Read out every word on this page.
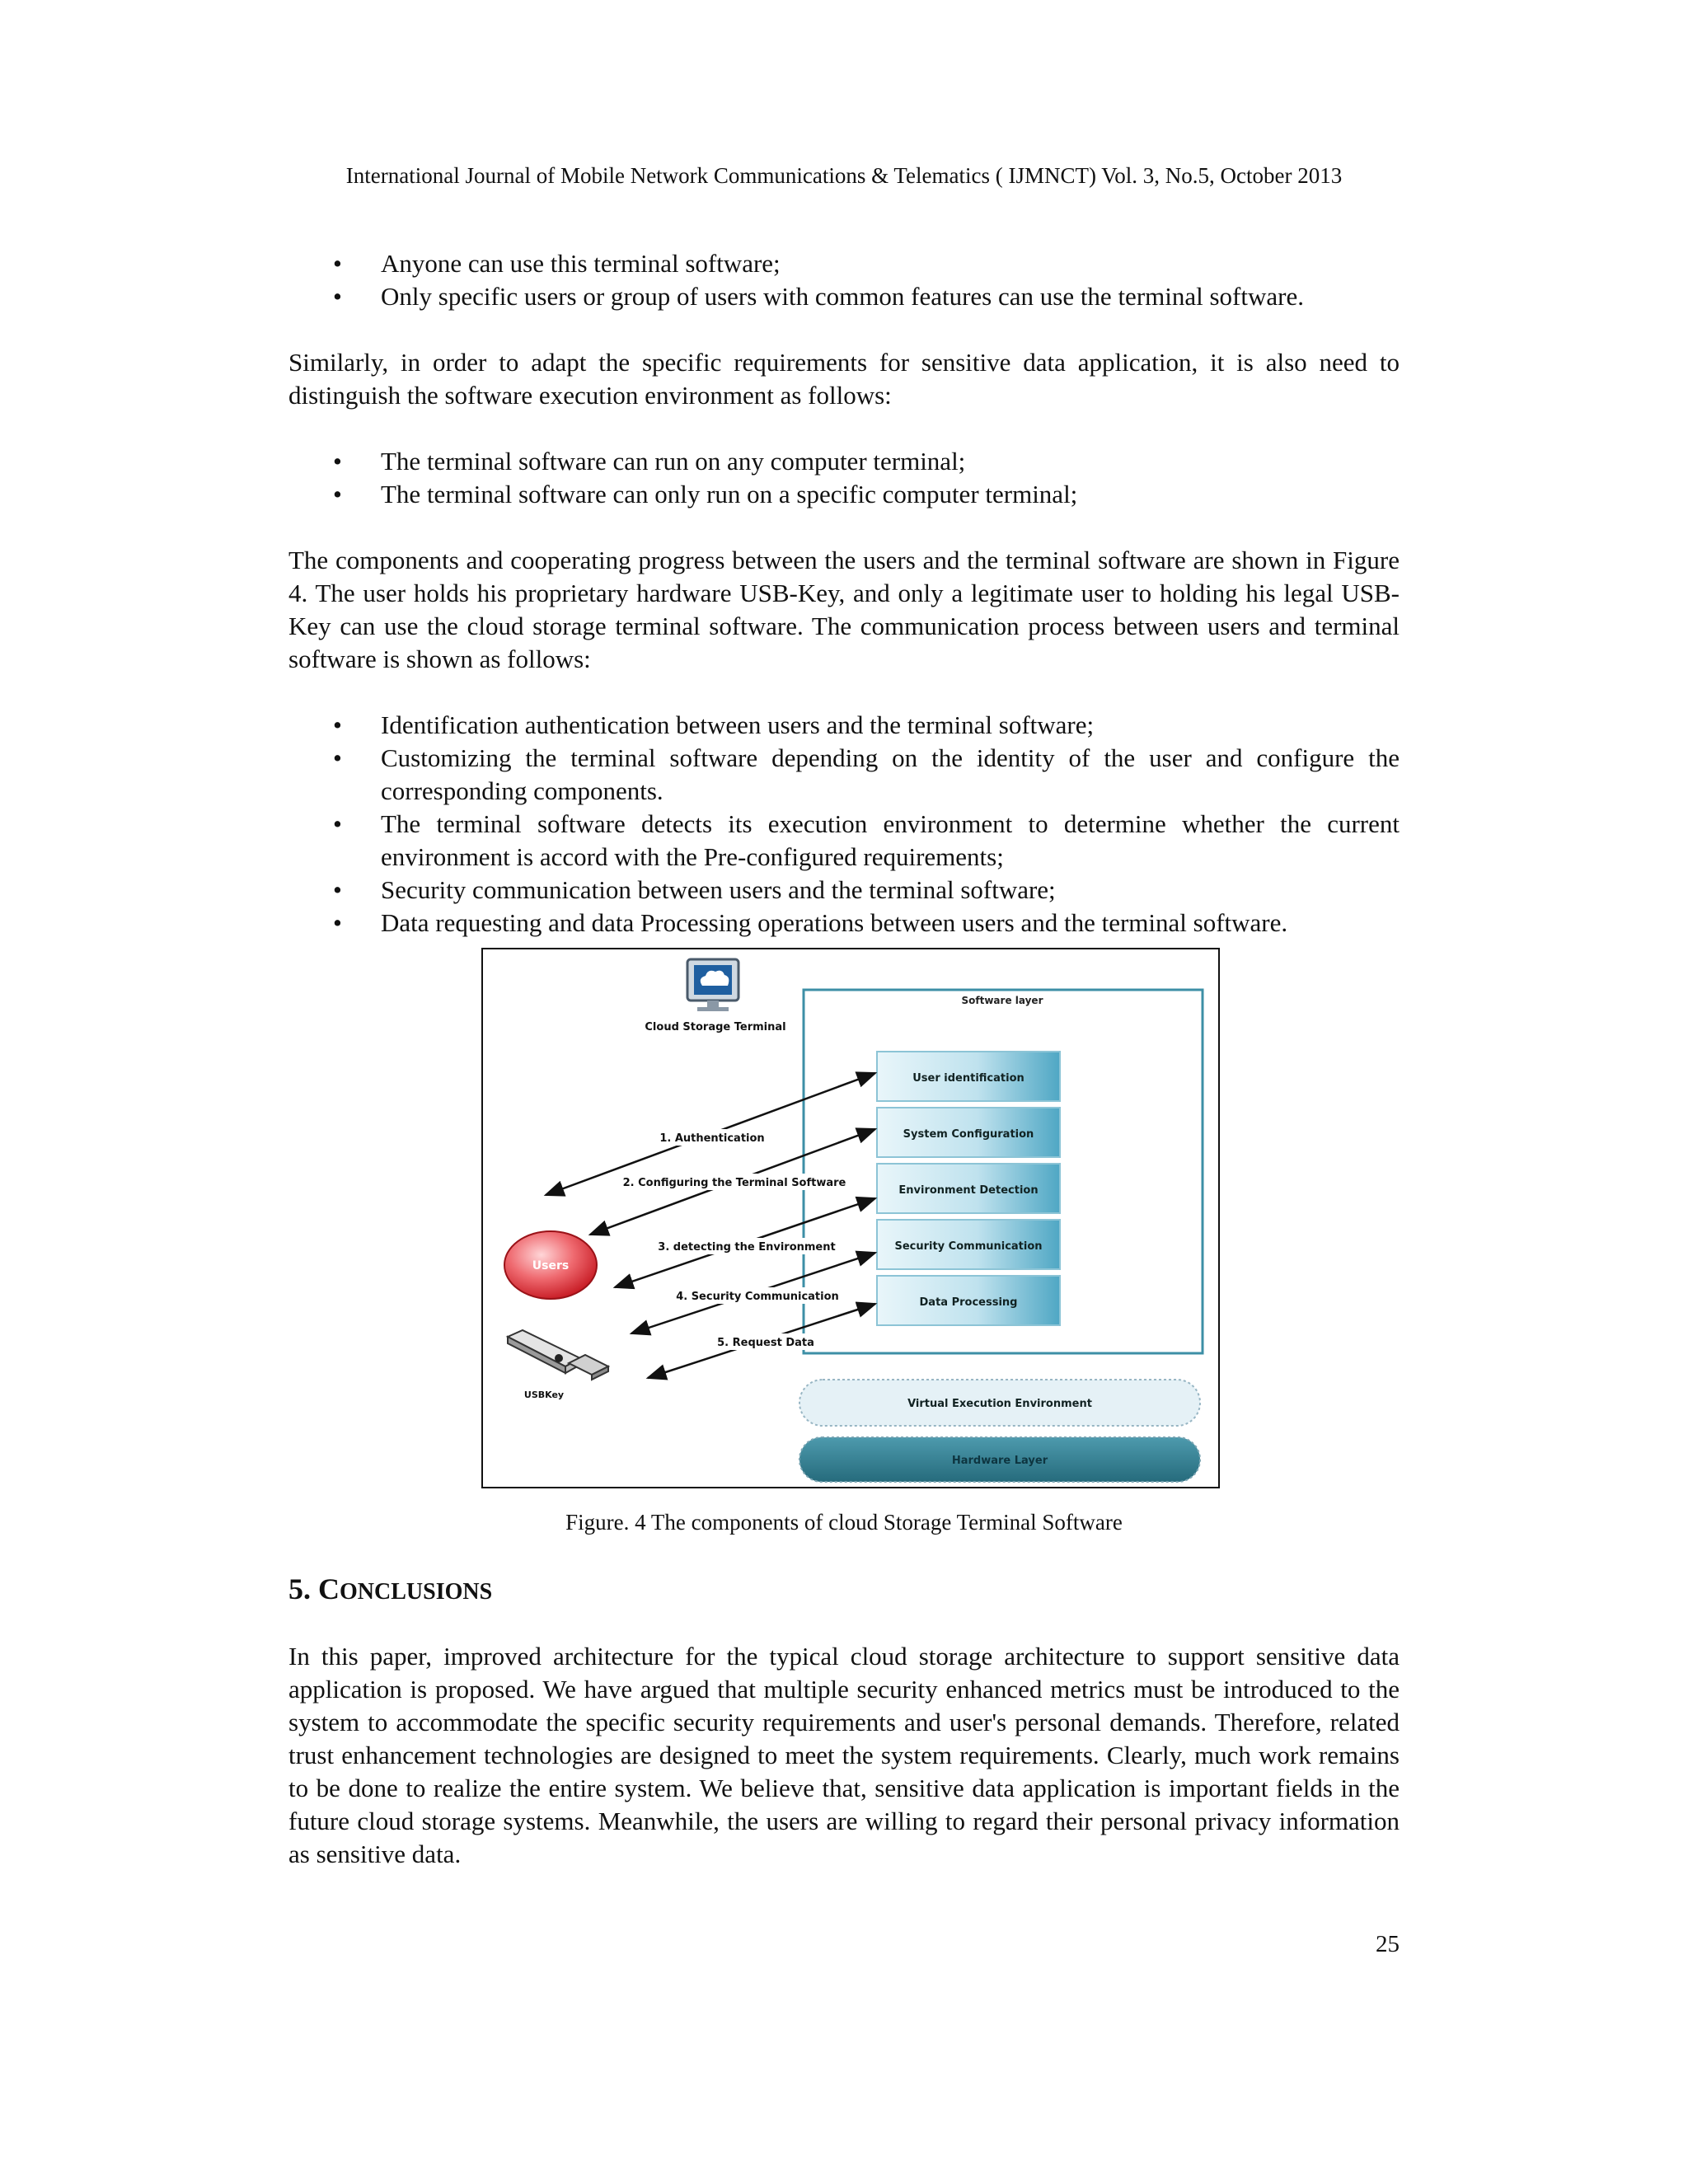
International Journal of Mobile Network Communications & Telematics ( IJMNCT) Vol. 3, No.5, October 2013
• Anyone can use this terminal software;
• Only specific users or group of users with common features can use the terminal software.

Similarly, in order to adapt the specific requirements for sensitive data application, it is also need to distinguish the software execution environment as follows:

• The terminal software can run on any computer terminal;
• The terminal software can only run on a specific computer terminal;

The components and cooperating progress between the users and the terminal software are shown in Figure 4. The user holds his proprietary hardware USB-Key, and only a legitimate user to holding his legal USB-Key can use the cloud storage terminal software. The communication process between users and terminal software is shown as follows:

• Identification authentication between users and the terminal software;
• Customizing the terminal software depending on the identity of the user and configure the corresponding components.
• The terminal software detects its execution environment to determine whether the current environment is accord with the Pre-configured requirements;
• Security communication between users and the terminal software;
• Data requesting and data Processing operations between users and the terminal software.
Cloud Storage Terminal
Software layer
User identification
System Configuration
Environment Detection
Security Communication
Data Processing
1. Authentication
2. Configuring the Terminal Software
3. detecting the Environment
4. Security Communication
5. Request Data
Users
USBKey
Virtual Execution Environment
Hardware Layer
Figure. 4 The components of cloud Storage Terminal Software
5. CONCLUSIONS

In this paper, improved architecture for the typical cloud storage architecture to support sensitive data application is proposed. We have argued that multiple security enhanced metrics must be introduced to the system to accommodate the specific security requirements and user's personal demands. Therefore, related trust enhancement technologies are designed to meet the system requirements. Clearly, much work remains to be done to realize the entire system. We believe that, sensitive data application is important fields in the future cloud storage systems. Meanwhile, the users are willing to regard their personal privacy information as sensitive data.

25
